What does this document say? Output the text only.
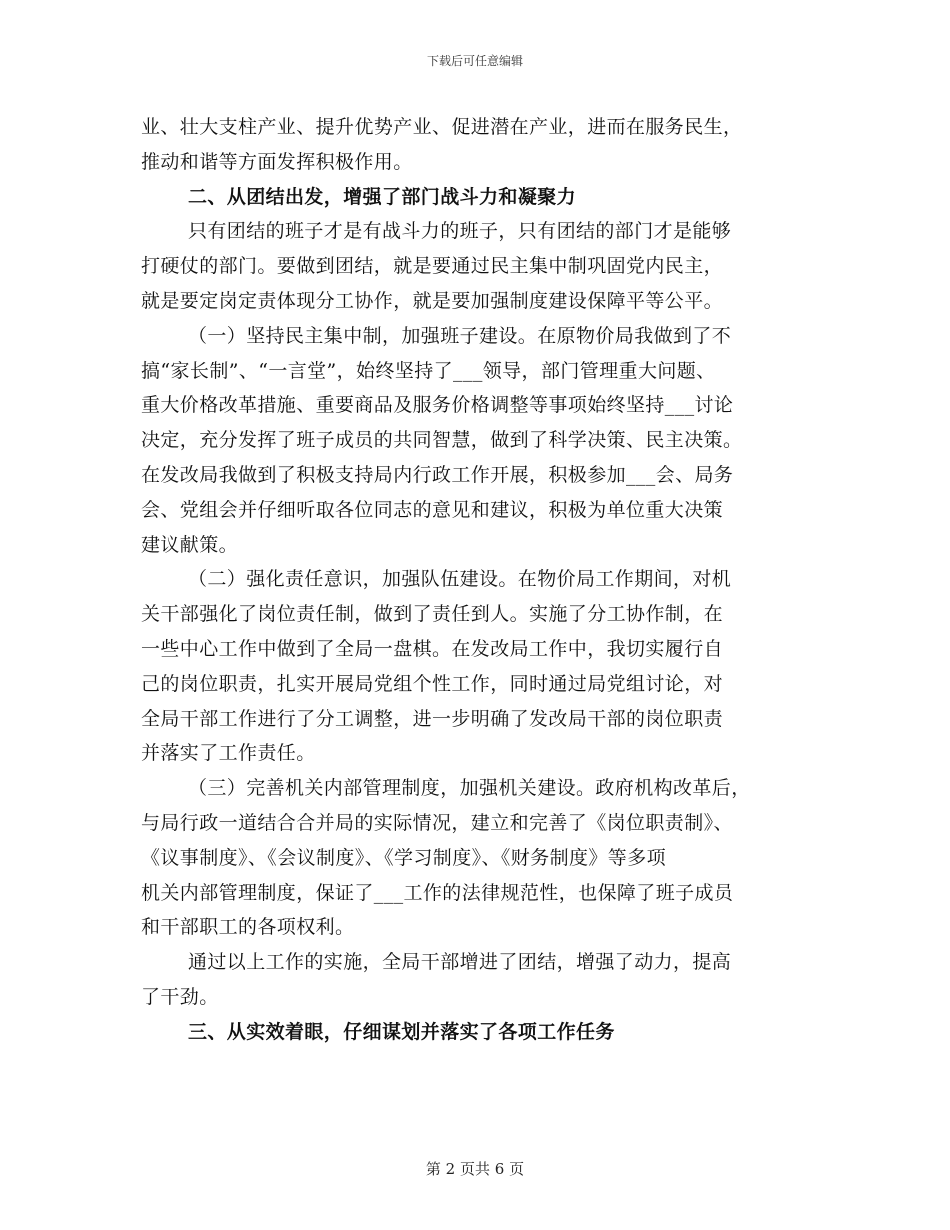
下载后可任意编辑
业、壮大支柱产业、提升优势产业、促进潜在产业，进而在服务民生，
推动和谐等方面发挥积极作用。
二、从团结出发，增强了部门战斗力和凝聚力
只有团结的班子才是有战斗力的班子，只有团结的部门才是能够
打硬仗的部门。要做到团结，就是要通过民主集中制巩固党内民主，
就是要定岗定责体现分工协作，就是要加强制度建设保障平等公平。
（一）坚持民主集中制，加强班子建设。在原物价局我做到了不
搞“家长制”、“一言堂”，始终坚持了___领导，部门管理重大问题、
重大价格改革措施、重要商品及服务价格调整等事项始终坚持___讨论
决定，充分发挥了班子成员的共同智慧，做到了科学决策、民主决策。
在发改局我做到了积极支持局内行政工作开展，积极参加___会、局务
会、党组会并仔细听取各位同志的意见和建议，积极为单位重大决策
建议献策。
（二）强化责任意识，加强队伍建设。在物价局工作期间，对机
关干部强化了岗位责任制，做到了责任到人。实施了分工协作制，在
一些中心工作中做到了全局一盘棋。在发改局工作中，我切实履行自
己的岗位职责，扎实开展局党组个性工作，同时通过局党组讨论，对
全局干部工作进行了分工调整，进一步明确了发改局干部的岗位职责
并落实了工作责任。
（三）完善机关内部管理制度，加强机关建设。政府机构改革后，
与局行政一道结合合并局的实际情况，建立和完善了《岗位职责制》、
《议事制度》、《会议制度》、《学习制度》、《财务制度》等多项
机关内部管理制度，保证了___工作的法律规范性，也保障了班子成员
和干部职工的各项权利。
通过以上工作的实施，全局干部增进了团结，增强了动力，提高
了干劲。
三、从实效着眼，仔细谋划并落实了各项工作任务
第 2 页共 6 页
